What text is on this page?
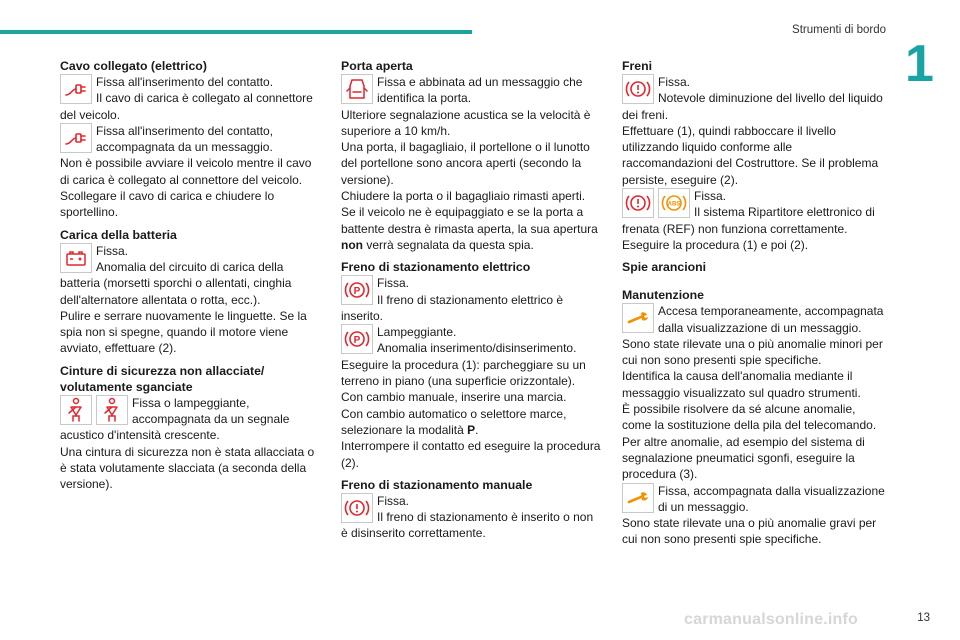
Strumenti di bordo
1
Cavo collegato (elettrico)

Fissa all'inserimento del contatto.

Il cavo di carica è collegato al connettore del veicolo.

Fissa all'inserimento del contatto, accompagnata da un messaggio.

Non è possibile avviare il veicolo mentre il cavo di carica è collegato al connettore del veicolo.

Scollegare il cavo di carica e chiudere lo sportellino.

Carica della batteria

Fissa.

Anomalia del circuito di carica della batteria (morsetti sporchi o allentati, cinghia dell'alternatore allentata o rotta, ecc.).

Pulire e serrare nuovamente le linguette. Se la spia non si spegne, quando il motore viene avviato, effettuare (2).

Cinture di sicurezza non allacciate/ volutamente sganciate

Fissa o lampeggiante, accompagnata da un segnale acustico d'intensità crescente.

Una cintura di sicurezza non è stata allacciata o è stata volutamente slacciata (a seconda della versione).

Porta aperta

Fissa e abbinata ad un messaggio che identifica la porta.

Ulteriore segnalazione acustica se la velocità è superiore a 10 km/h.

Una porta, il bagagliaio, il portellone o il lunotto del portellone sono ancora aperti (secondo la versione).

Chiudere la porta o il bagagliaio rimasti aperti.

Se il veicolo ne è equipaggiato e se la porta a battente destra è rimasta aperta, la sua apertura non verrà segnalata da questa spia.

Freno di stazionamento elettrico
P

Fissa.

Il freno di stazionamento elettrico è inserito.

P

Lampeggiante.

Anomalia inserimento/disinserimento.

Eseguire la procedura (1): parcheggiare su un terreno in piano (una superficie orizzontale).

Con cambio manuale, inserire una marcia.

Con cambio automatico o selettore marce, selezionare la modalità P.

Interrompere il contatto ed eseguire la procedura (2).

Freno di stazionamento manuale

Fissa.

Il freno di stazionamento è inserito o non è disinserito correttamente.

Freni

Fissa.

Notevole diminuzione del livello del liquido dei freni.

Effettuare (1), quindi rabboccare il livello utilizzando liquido conforme alle raccomandazioni del Costruttore. Se il problema persiste, eseguire (2).

ABS

Fissa.

Il sistema Ripartitore elettronico di frenata (REF) non funziona correttamente.

Eseguire la procedura (1) e poi (2).

Spie arancioni
Manutenzione

Accesa temporaneamente, accompagnata dalla visualizzazione di un messaggio.

Sono state rilevate una o più anomalie minori per cui non sono presenti spie specifiche.

Identifica la causa dell'anomalia mediante il messaggio visualizzato sul quadro strumenti.

È possibile risolvere da sé alcune anomalie, come la sostituzione della pila del telecomando.

Per altre anomalie, ad esempio del sistema di segnalazione pneumatici sgonfi, eseguire la procedura (3).

Fissa, accompagnata dalla visualizzazione di un messaggio.

Sono state rilevate una o più anomalie gravi per cui non sono presenti spie specifiche.

carmanualsonline.info	13
